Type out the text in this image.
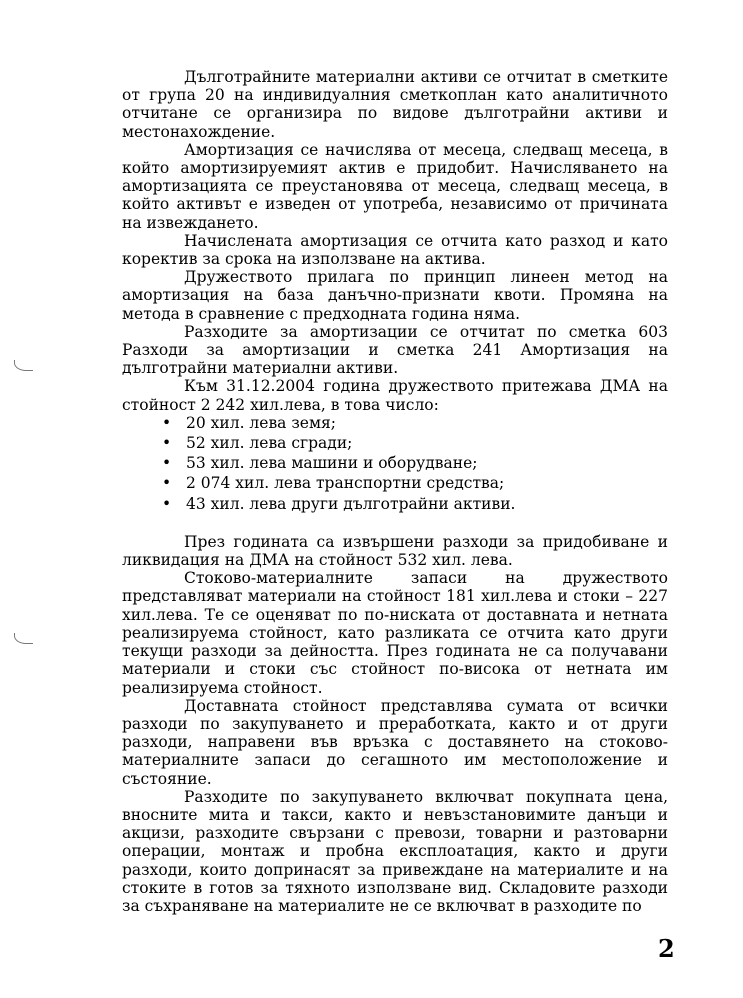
Дълготрайните материални активи се отчитат в сметките от група 20 на индивидуалния сметкоплан като аналитичното отчитане се организира по видове дълготрайни активи и местонахождение.

Амортизация се начислява от месеца, следващ месеца, в който амортизируемият актив е придобит. Начисляването на амортизацията се преустановява от месеца, следващ месеца, в който активът е изведен от употреба, независимо от причината на извеждането.

Начислената амортизация се отчита като разход и като коректив за срока на използване на актива.

Дружеството прилага по принцип линеен метод на амортизация на база данъчно-признати квоти. Промяна на метода в сравнение с предходната година няма.

Разходите за амортизации се отчитат по сметка 603 Разходи за амортизации и сметка 241 Амортизация на дълготрайни материални активи.

Към 31.12.2004 година дружеството притежава ДМА на стойност 2 242 хил.лева, в това число:

• 20 хил. лева земя;
• 52 хил. лева сгради;
• 53 хил. лева машини и оборудване;
• 2 074 хил. лева транспортни средства;
• 43 хил. лева други дълготрайни активи.

През годината са извършени разходи за придобиване и ликвидация на ДМА на стойност 532 хил. лева.

Стоково-материалните запаси на дружеството представляват материали на стойност 181 хил.лева и стоки – 227 хил.лева. Те се оценяват по по-ниската от доставната и нетната реализируема стойност, като разликата се отчита като други текущи разходи за дейността. През годината не са получавани материали и стоки със стойност по-висока от нетната им реализируема стойност.

Доставната стойност представлява сумата от всички разходи по закупуването и преработката, както и от други разходи, направени във връзка с доставянето на стоково-материалните запаси до сегашното им местоположение и състояние.

Разходите по закупуването включват покупната цена, вносните мита и такси, както и невъзстановимите данъци и акцизи, разходите свързани с превози, товарни и разтоварни операции, монтаж и пробна експлоатация, както и други разходи, които допринасят за привеждане на материалите и на стоките в готов за тяхното използване вид. Складовите разходи за съхраняване на материалите не се включват в разходите по

2
